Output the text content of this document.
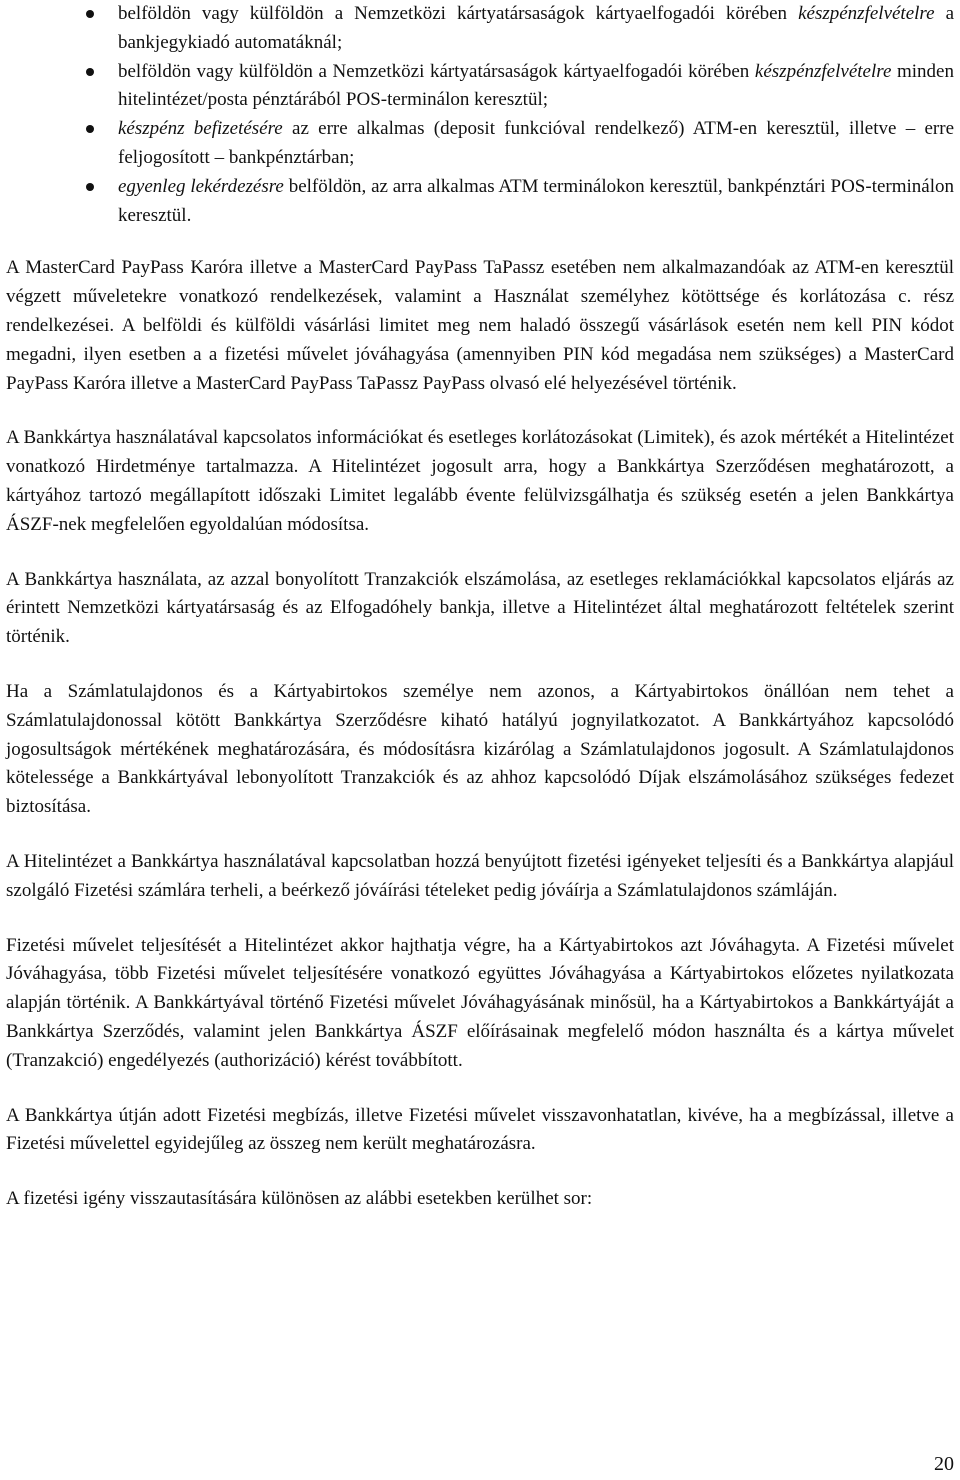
belföldön vagy külföldön a Nemzetközi kártyatársaságok kártyaelfogadói körében készpénzfelvételre a bankjegykiadó automatáknál;
belföldön vagy külföldön a Nemzetközi kártyatársaságok kártyaelfogadói körében készpénzfelvételre minden hitelintézet/posta pénztárából POS-terminálon keresztül;
készpénz befizetésére az erre alkalmas (deposit funkcióval rendelkező) ATM-en keresztül, illetve – erre feljogosított – bankpénztárban;
egyenleg lekérdezésre belföldön, az arra alkalmas ATM terminálokon keresztül, bankpénztári POS-terminálon keresztül.

A MasterCard PayPass Karóra illetve a MasterCard PayPass TaPassz esetében nem alkalmazandóak az ATM-en keresztül végzett műveletekre vonatkozó rendelkezések, valamint a Használat személyhez kötöttsége és korlátozása c. rész rendelkezései. A belföldi és külföldi vásárlási limitet meg nem haladó összegű vásárlások esetén nem kell PIN kódot megadni, ilyen esetben a a fizetési művelet jóváhagyása (amennyiben PIN kód megadása nem szükséges) a MasterCard PayPass Karóra illetve a MasterCard PayPass TaPassz PayPass olvasó elé helyezésével történik.

A Bankkártya használatával kapcsolatos információkat és esetleges korlátozásokat (Limitek), és azok mértékét a Hitelintézet vonatkozó Hirdetménye tartalmazza. A Hitelintézet jogosult arra, hogy a Bankkártya Szerződésen meghatározott, a kártyához tartozó megállapított időszaki Limitet legalább évente felülvizsgálhatja és szükség esetén a jelen Bankkártya ÁSZF-nek megfelelően egyoldalúan módosítsa.

A Bankkártya használata, az azzal bonyolított Tranzakciók elszámolása, az esetleges reklamációkkal kapcsolatos eljárás az érintett Nemzetközi kártyatársaság és az Elfogadóhely bankja, illetve a Hitelintézet által meghatározott feltételek szerint történik.

Ha a Számlatulajdonos és a Kártyabirtokos személye nem azonos, a Kártyabirtokos önállóan nem tehet a Számlatulajdonossal kötött Bankkártya Szerződésre kiható hatályú jognyilatkozatot. A Bankkártyához kapcsolódó jogosultságok mértékének meghatározására, és módosításra kizárólag a Számlatulajdonos jogosult. A Számlatulajdonos kötelessége a Bankkártyával lebonyolított Tranzakciók és az ahhoz kapcsolódó Díjak elszámolásához szükséges fedezet biztosítása.

A Hitelintézet a Bankkártya használatával kapcsolatban hozzá benyújtott fizetési igényeket teljesíti és a Bankkártya alapjául szolgáló Fizetési számlára terheli, a beérkező jóváírási tételeket pedig jóváírja a Számlatulajdonos számláján.

Fizetési művelet teljesítését a Hitelintézet akkor hajthatja végre, ha a Kártyabirtokos azt Jóváhagyta. A Fizetési művelet Jóváhagyása, több Fizetési művelet teljesítésére vonatkozó együttes Jóváhagyása a Kártyabirtokos előzetes nyilatkozata alapján történik. A Bankkártyával történő Fizetési művelet Jóváhagyásának minősül, ha a Kártyabirtokos a Bankkártyáját a Bankkártya Szerződés, valamint jelen Bankkártya ÁSZF előírásainak megfelelő módon használta és a kártya művelet (Tranzakció) engedélyezés (authorizáció) kérést továbbított.

A Bankkártya útján adott Fizetési megbízás, illetve Fizetési művelet visszavonhatatlan, kivéve, ha a megbízással, illetve a Fizetési művelettel egyidejűleg az összeg nem került meghatározásra.

A fizetési igény visszautasítására különösen az alábbi esetekben kerülhet sor:

20
